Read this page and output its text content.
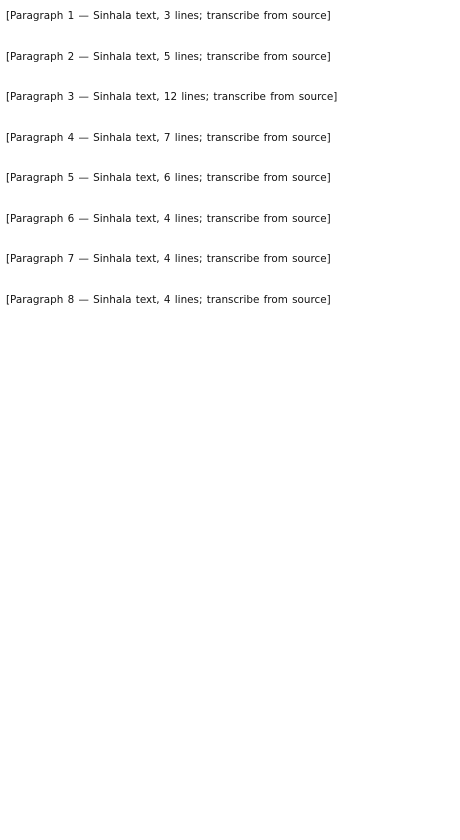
[Paragraph 1 — Sinhala text, 3 lines; transcribe from source]

[Paragraph 2 — Sinhala text, 5 lines; transcribe from source]

[Paragraph 3 — Sinhala text, 12 lines; transcribe from source]

[Paragraph 4 — Sinhala text, 7 lines; transcribe from source]

[Paragraph 5 — Sinhala text, 6 lines; transcribe from source]

[Paragraph 6 — Sinhala text, 4 lines; transcribe from source]

[Paragraph 7 — Sinhala text, 4 lines; transcribe from source]

[Paragraph 8 — Sinhala text, 4 lines; transcribe from source]
